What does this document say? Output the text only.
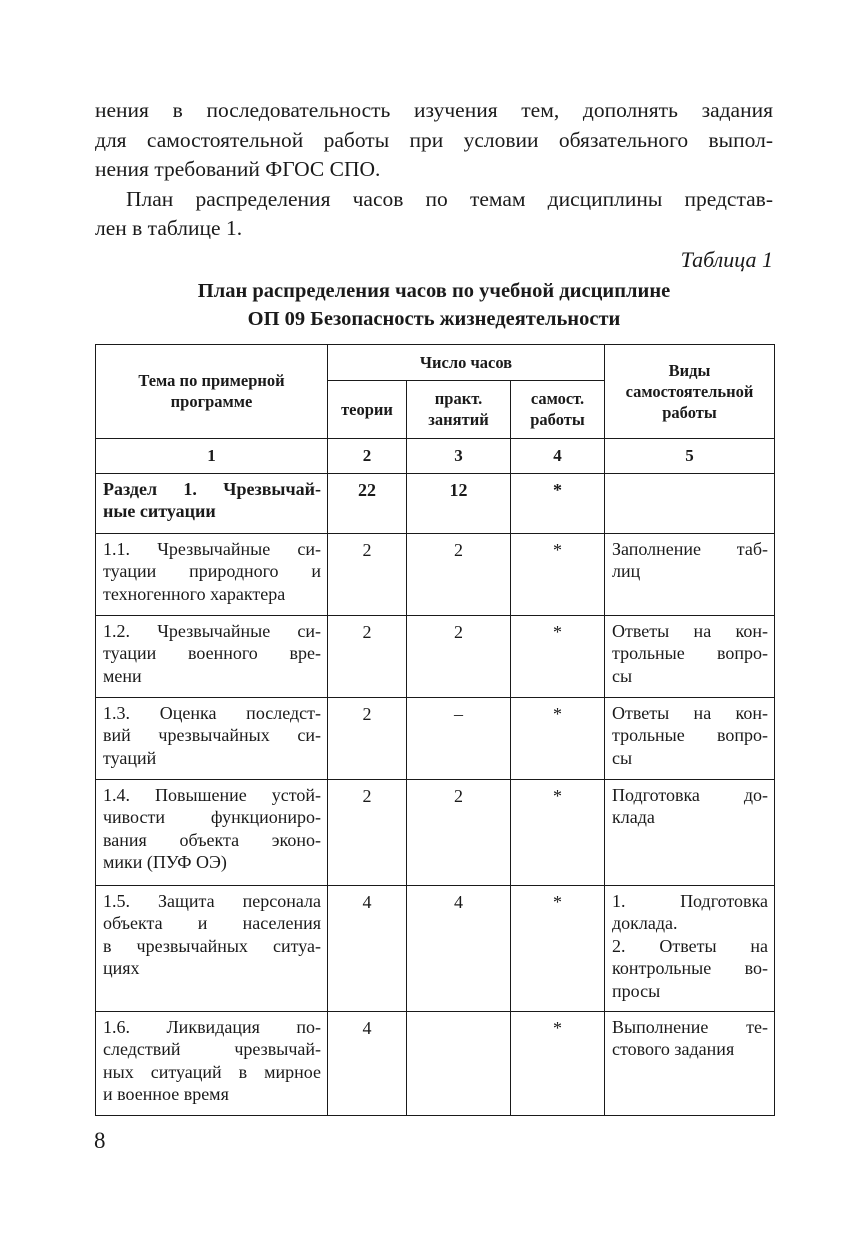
нения в последовательность изучения тем, дополнять задания
для самостоятельной работы при условии обязательного выпол-
нения требований ФГОС СПО.

План распределения часов по темам дисциплины представ-
лен в таблице 1.

Таблица 1
План распределения часов по учебной дисциплине
ОП 09 Безопасность жизнедеятельности
Тема по примерной программе	Число часов			Виды самостоятельной работы
	теории	практ. занятий	самост. работы	
1	2	3	4	5

Раздел 1. Чрезвычай-
ные ситуации	22	12	*	

1.1. Чрезвычайные си-
туации природного и
техногенного характера	2	2	*	Заполнение таб-
лиц

1.2. Чрезвычайные си-
туации военного вре-
мени	2	2	*	Ответы на кон-
трольные вопро-
сы

1.3. Оценка последст-
вий чрезвычайных си-
туаций	2	–	*	Ответы на кон-
трольные вопро-
сы

1.4. Повышение устой-
чивости функциониро-
вания объекта эконо-
мики (ПУФ ОЭ)	2	2	*	Подготовка до-
клада

1.5. Защита персонала
объекта и населения
в чрезвычайных ситуа-
циях	4	4	*	1. Подготовка
доклада.
2. Ответы на
контрольные во-
просы

1.6. Ликвидация по-
следствий чрезвычай-
ных ситуаций в мирное
и военное время	4		*	Выполнение те-
стового задания
8
